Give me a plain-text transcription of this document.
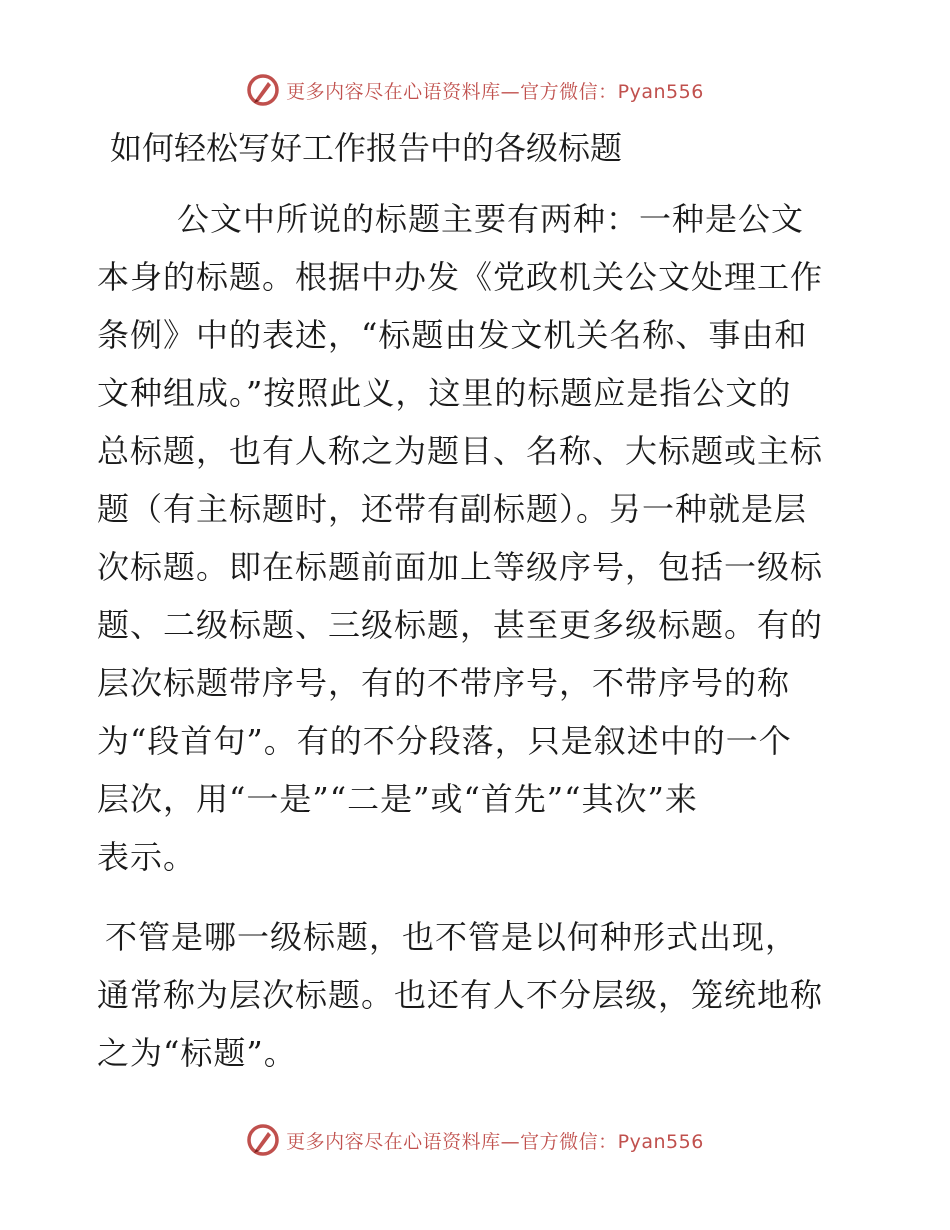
更多内容尽在心语资料库—官方微信：Pyan556
如何轻松写好工作报告中的各级标题

公文中所说的标题主要有两种：一种是公文
本身的标题。根据中办发《党政机关公文处理工作
条例》中的表述，“标题由发文机关名称、事由和
文种组成。”按照此义，这里的标题应是指公文的
总标题，也有人称之为题目、名称、大标题或主标
题（有主标题时，还带有副标题）。另一种就是层
次标题。即在标题前面加上等级序号，包括一级标
题、二级标题、三级标题，甚至更多级标题。有的
层次标题带序号，有的不带序号，不带序号的称
为“段首句”。有的不分段落，只是叙述中的一个
层次，用“一是”“二是”或“首先”“其次”来
表示。

不管是哪一级标题，也不管是以何种形式出现，
通常称为层次标题。也还有人不分层级，笼统地称
之为“标题”。

更多内容尽在心语资料库—官方微信：Pyan556
